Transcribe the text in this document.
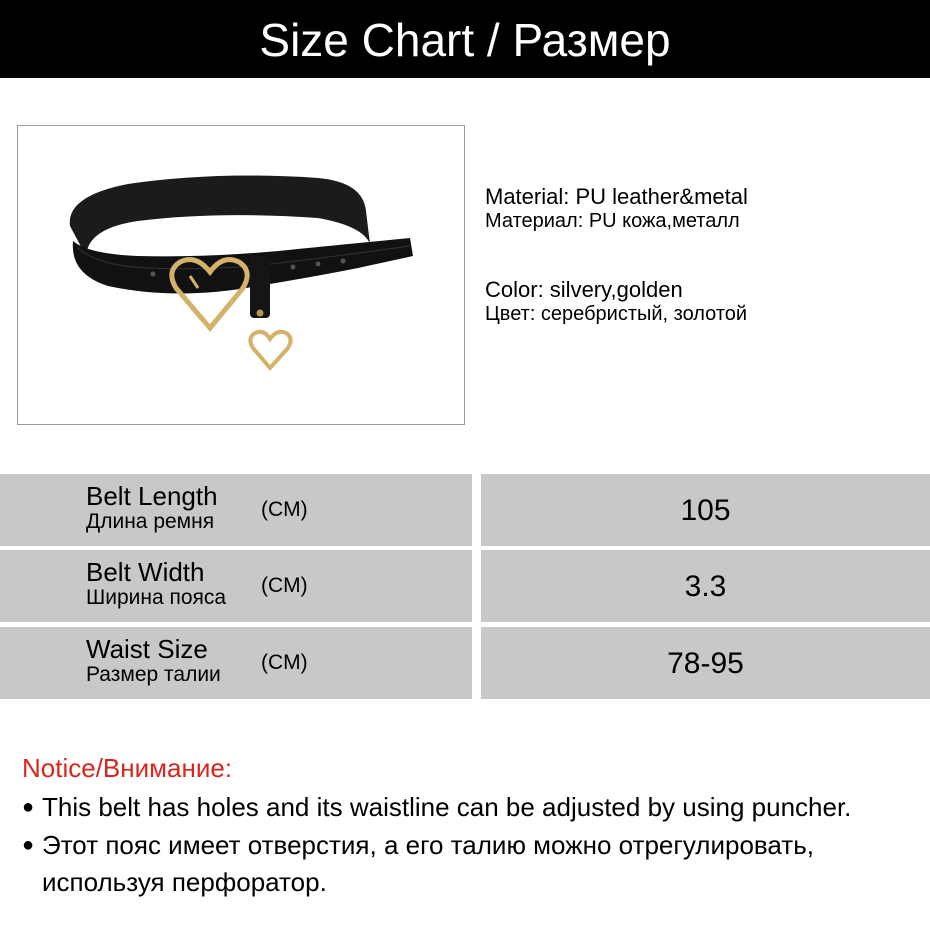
Size Chart / Размер
Material: PU leather&metal
Материал: PU кожа,металл
Color: silvery,golden
Цвет: серебристый, золотой
Belt Length
Длина ремня
(CM)	105
Belt Width
Ширина пояса
(CM)	3.3
Waist Size
Размер талии
(CM)	78-95
Notice/Внимание:
● This belt has holes and its waistline can be adjusted by using puncher.
● Этот пояс имеет отверстия, а его талию можно отрегулировать,
используя перфоратор.
